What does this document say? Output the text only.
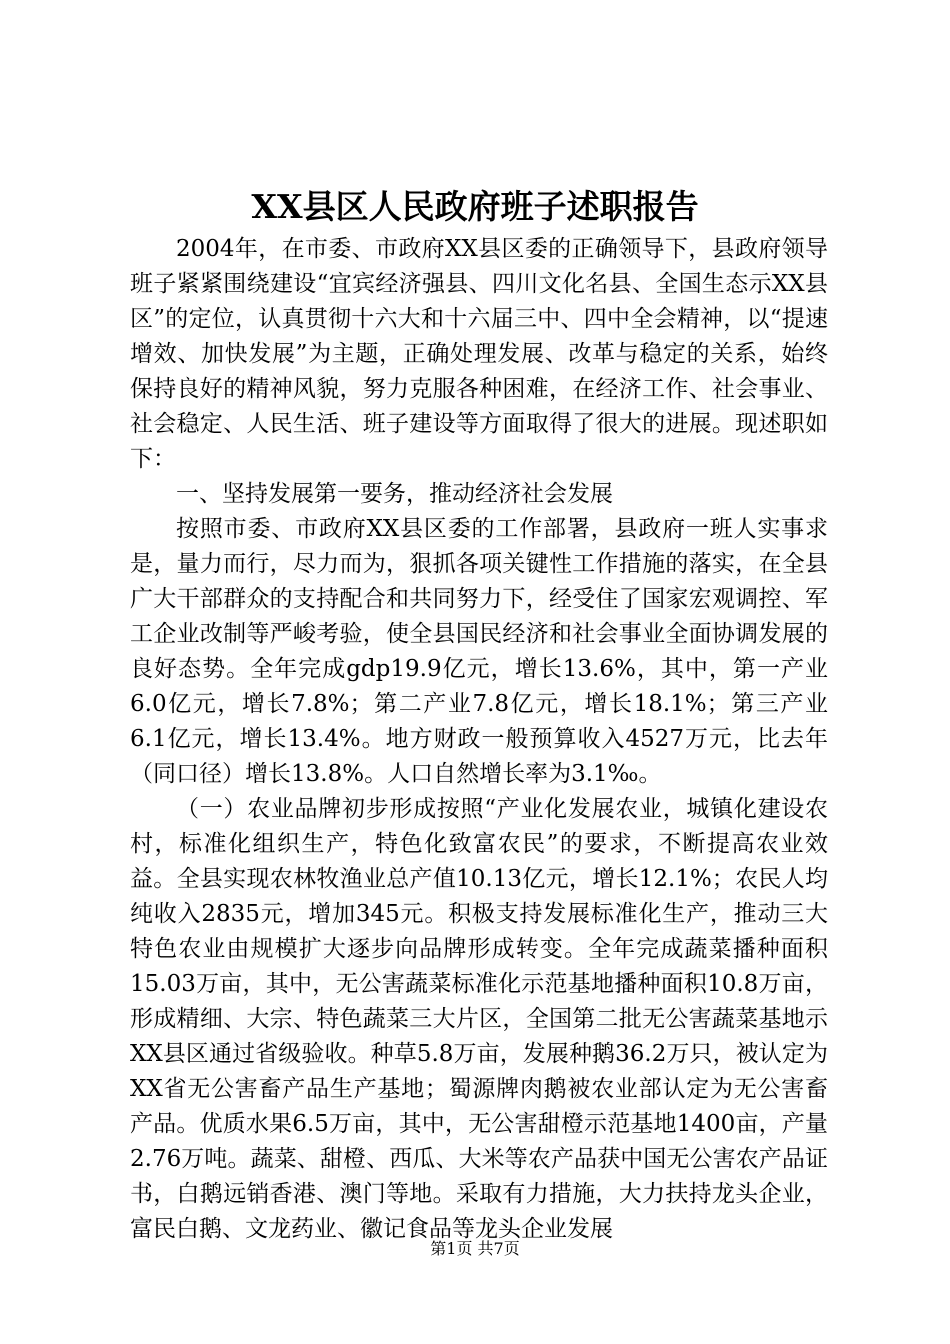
XX县区人民政府班子述职报告

2004年，在市委、市政府XX县区委的正确领导下，县政府领导班子紧紧围绕建设“宜宾经济强县、四川文化名县、全国生态示XX县区”的定位，认真贯彻十六大和十六届三中、四中全会精神，以“提速增效、加快发展”为主题，正确处理发展、改革与稳定的关系，始终保持良好的精神风貌，努力克服各种困难，在经济工作、社会事业、社会稳定、人民生活、班子建设等方面取得了很大的进展。现述职如下：

一、坚持发展第一要务，推动经济社会发展

按照市委、市政府XX县区委的工作部署，县政府一班人实事求是，量力而行，尽力而为，狠抓各项关键性工作措施的落实，在全县广大干部群众的支持配合和共同努力下，经受住了国家宏观调控、军工企业改制等严峻考验，使全县国民经济和社会事业全面协调发展的良好态势。全年完成gdp19.9亿元，增长13.6%，其中，第一产业6.0亿元，增长7.8%；第二产业7.8亿元，增长18.1%；第三产业6.1亿元，增长13.4%。地方财政一般预算收入4527万元，比去年（同口径）增长13.8%。人口自然增长率为3.1‰。

（一）农业品牌初步形成按照“产业化发展农业，城镇化建设农村，标准化组织生产，特色化致富农民”的要求，不断提高农业效益。全县实现农林牧渔业总产值10.13亿元，增长12.1%；农民人均纯收入2835元，增加345元。积极支持发展标准化生产，推动三大特色农业由规模扩大逐步向品牌形成转变。全年完成蔬菜播种面积15.03万亩，其中，无公害蔬菜标准化示范基地播种面积10.8万亩，形成精细、大宗、特色蔬菜三大片区，全国第二批无公害蔬菜基地示XX县区通过省级验收。种草5.8万亩，发展种鹅36.2万只，被认定为XX省无公害畜产品生产基地；蜀源牌肉鹅被农业部认定为无公害畜产品。优质水果6.5万亩，其中，无公害甜橙示范基地1400亩，产量2.76万吨。蔬菜、甜橙、西瓜、大米等农产品获中国无公害农产品证书，白鹅远销香港、澳门等地。采取有力措施，大力扶持龙头企业，富民白鹅、文龙药业、徽记食品等龙头企业发展

第1页 共7页
